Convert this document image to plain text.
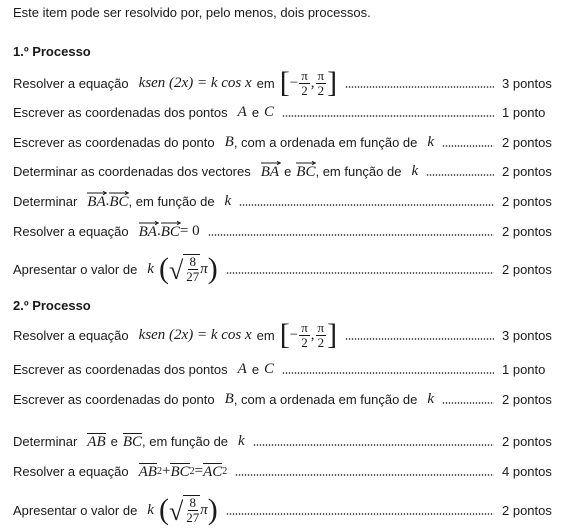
Este item pode ser resolvido por, pelo menos, dois processos.
1.º Processo
Resolver a equação ksen (2x) = k cos x em [ − $\frac{\pi}{2}$ , $\frac{\pi}{2}$ ]	3 pontos
Escrever as coordenadas dos pontos A e C	1 ponto
Escrever as coordenadas do ponto B , com a ordenada em função de k	2 pontos
Determinar as coordenadas dos vectores BA e BC , em função de k	2 pontos
Determinar BA . BC , em função de k	2 pontos
Resolver a equação BA . BC = 0	2 pontos
Apresentar o valor de k ( √ $\frac{8}{27}$ π )	2 pontos
2.º Processo
Resolver a equação ksen (2x) = k cos x em [ − $\frac{\pi}{2}$ , $\frac{\pi}{2}$ ]	3 pontos
Escrever as coordenadas dos pontos A e C	1 ponto
Escrever as coordenadas do ponto B , com a ordenada em função de k	2 pontos
Determinar AB e BC , em função de k	2 pontos
Resolver a equação AB 2 + BC 2 = AC 2	4 pontos
Apresentar o valor de k ( √ $\frac{8}{27}$ π )	2 pontos
